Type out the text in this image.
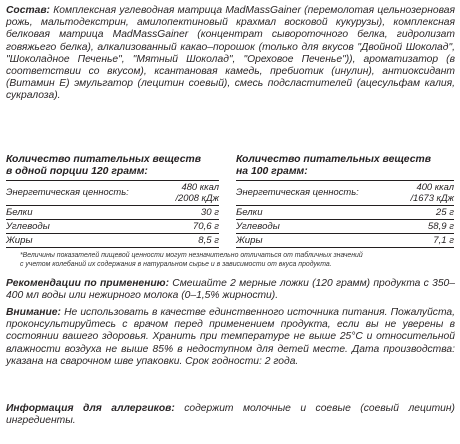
Состав: Комплексная углеводная матрица MadMassGainer (перемолотая цельнозерновая рожь, мальтодекстрин, амилопектиновый крахмал восковой кукурузы), комплексная белковая матрица MadMassGainer (концентрат сывороточного белка, гидролизат говяжьего белка), алкализованный какао–порошок (только для вкусов "Двойной Шоколад", "Шоколадное Печенье", "Мятный Шоколад", "Ореховое Печенье")), ароматизатор (в соответствии со вкусом), ксантановая камедь, пребиотик (инулин), антиоксидант (Витамин Е) эмульгатор (лецитин соевый), смесь подсластителей (ацесульфам калия, сукралоза).
Количество питательных веществ
в одной порции 120 грамм:
Энергетическая ценность:	480 ккал
/2008 кДж
Белки	30 г
Углеводы	70,6 г
Жиры	8,5 г
Количество питательных веществ
на 100 грамм:
Энергетическая ценность:	400 ккал
/1673 кДж
Белки	25 г
Углеводы	58,9 г
Жиры	7,1 г
*Величины показателей пищевой ценности могут незначительно отличаться от табличных значений
с учетом колебаний их содержания в натуральном сырье и в зависимости от вкуса продукта.
Рекомендации по применению: Смешайте 2 мерные ложки (120 грамм) продукта с 350–400 мл воды или нежирного молока (0–1,5% жирности).
Внимание: Не использовать в качестве единственного источника питания. Пожалуйста, проконсультируйтесь с врачом перед применением продукта, если вы не уверены в состоянии вашего здоровья. Хранить при температуре не выше 25°С и относительной влажности воздуха не выше 85% в недоступном для детей месте. Дата производства: указана на сварочном шве упаковки. Срок годности: 2 года.
Информация для аллергиков: содержит молочные и соевые (соевый лецитин) ингредиенты.
